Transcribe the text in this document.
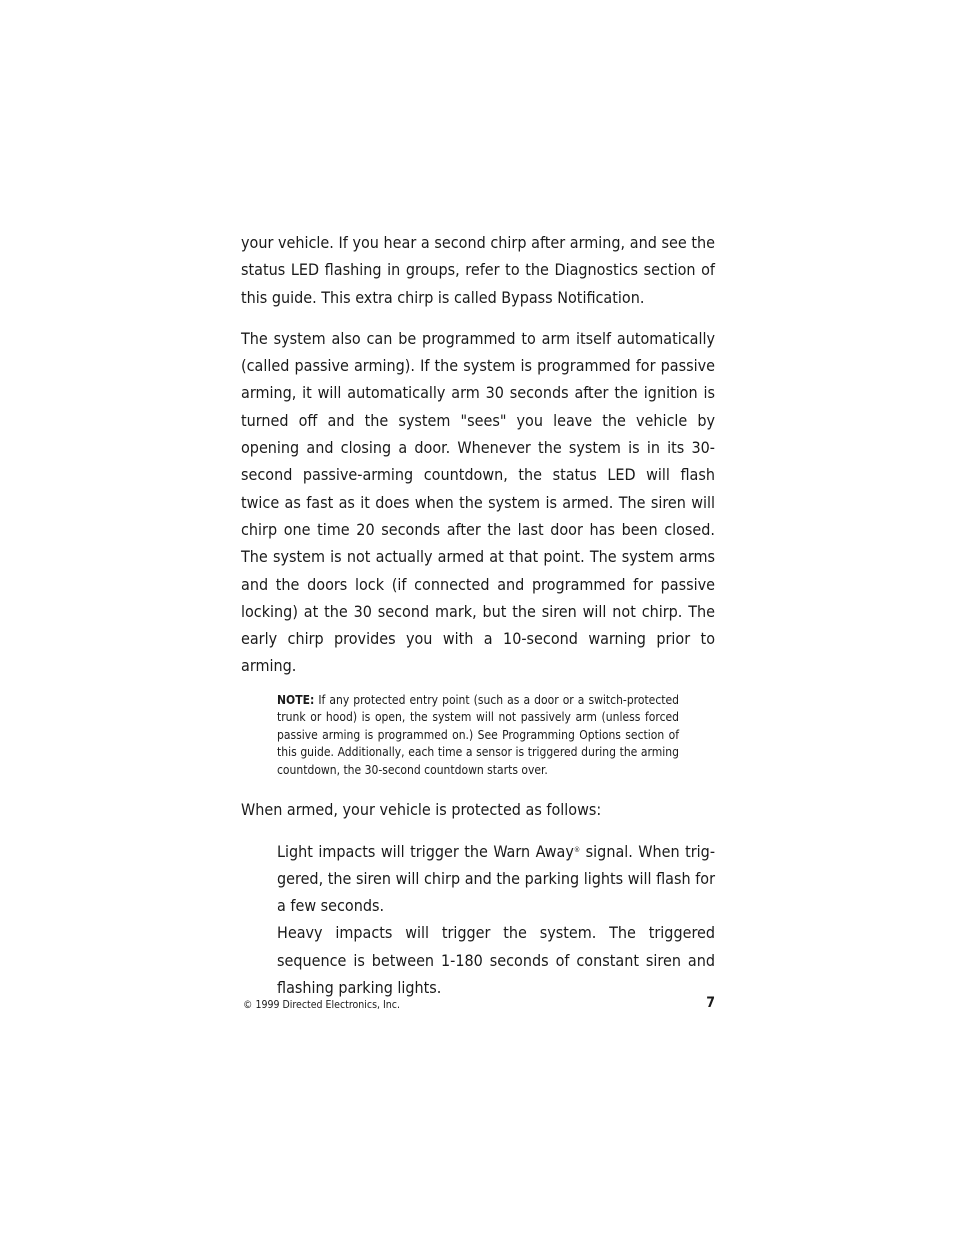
your vehicle. If you hear a second chirp after arming, and see the status LED flashing in groups, refer to the Diagnostics section of this guide. This extra chirp is called Bypass Notification.

The system also can be programmed to arm itself automatically (called passive arming). If the system is programmed for passive arming, it will automatically arm 30 seconds after the ignition is turned off and the system "sees" you leave the vehicle by opening and closing a door. Whenever the system is in its 30-second passive-arming countdown, the status LED will flash twice as fast as it does when the system is armed. The siren will chirp one time 20 seconds after the last door has been closed. The system is not actually armed at that point. The system arms and the doors lock (if connected and programmed for passive locking) at the 30 second mark, but the siren will not chirp. The early chirp provides you with a 10-second warning prior to arming.

NOTE: If any protected entry point (such as a door or a switch-protected trunk or hood) is open, the system will not passively arm (unless forced passive arming is programmed on.) See Programming Options section of this guide. Additionally, each time a sensor is triggered during the arming countdown, the 30-second countdown starts over.

When armed, your vehicle is protected as follows:

Light impacts will trigger the Warn Away® signal. When triggered, the siren will chirp and the parking lights will flash for a few seconds.

Heavy impacts will trigger the system. The triggered sequence is between 1-180 seconds of constant siren and flashing parking lights.

© 1999 Directed Electronics, Inc.	7
